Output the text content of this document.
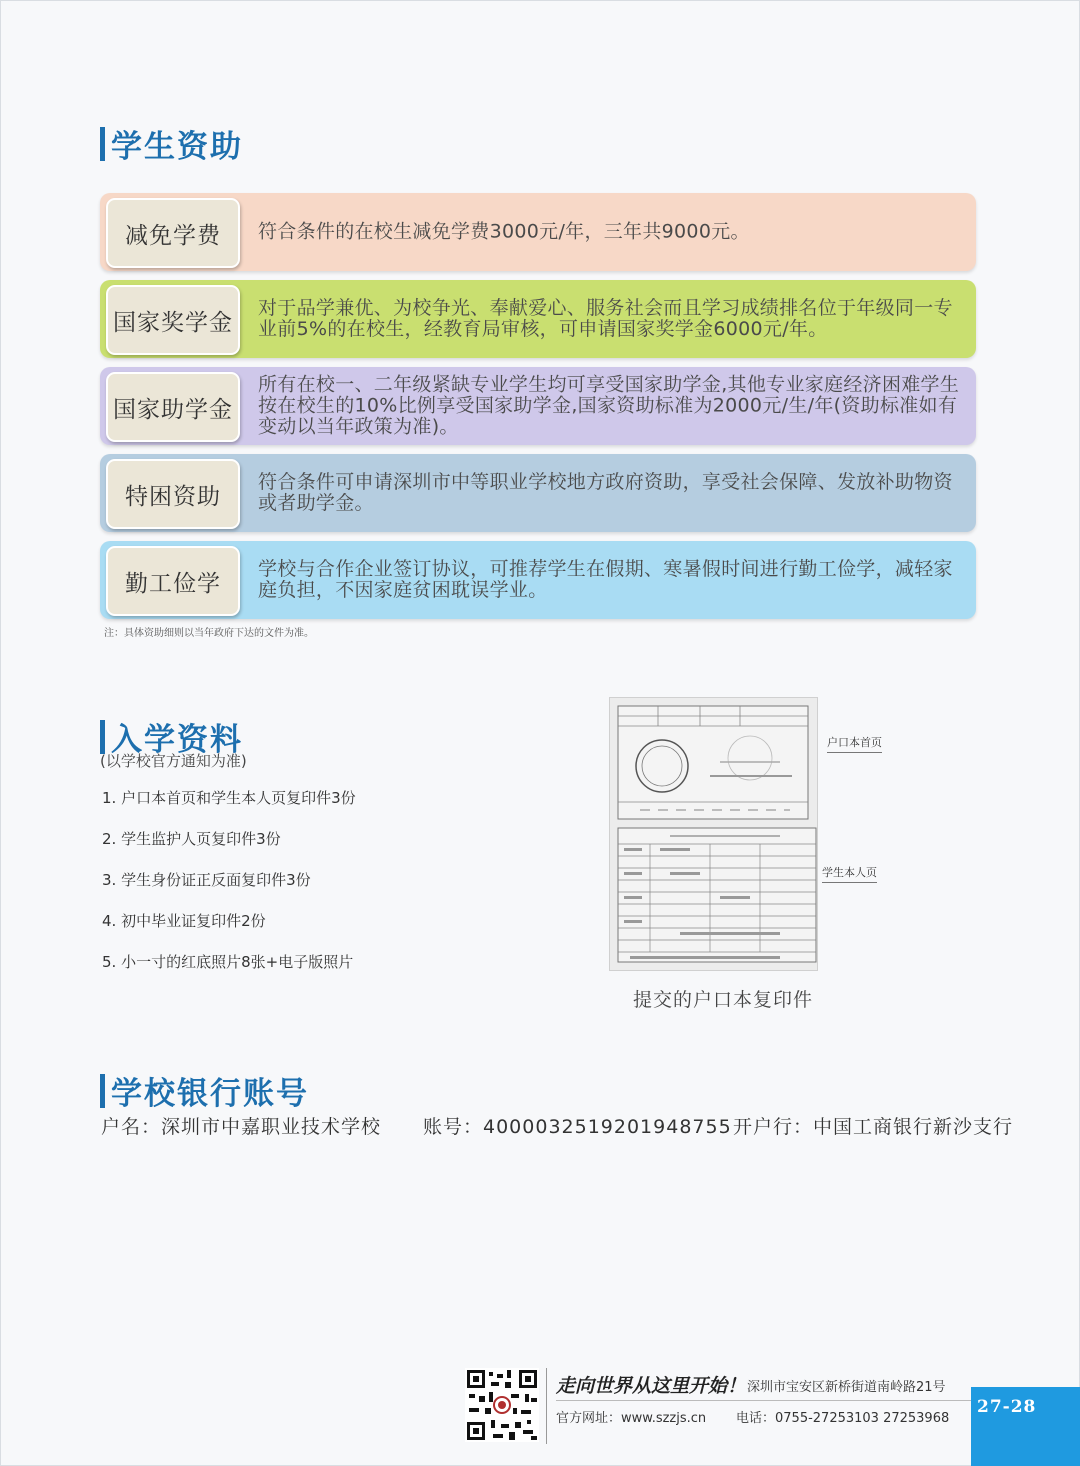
学生资助
减免学费	符合条件的在校生减免学费3000元/年，三年共9000元。
国家奖学金
对于品学兼优、为校争光、奉献爱心、服务社会而且学习成绩排名位于年级同一专业前5%的在校生，经教育局审核，可申请国家奖学金6000元/年。
国家助学金
所有在校一、二年级紧缺专业学生均可享受国家助学金,其他专业家庭经济困难学生按在校生的10%比例享受国家助学金,国家资助标准为2000元/生/年(资助标准如有变动以当年政策为准)。
特困资助
符合条件可申请深圳市中等职业学校地方政府资助，享受社会保障、发放补助物资或者助学金。
勤工俭学
学校与合作企业签订协议，可推荐学生在假期、寒暑假时间进行勤工俭学，减轻家庭负担，不因家庭贫困耽误学业。
注：具体资助细则以当年政府下达的文件为准。
入学资料
(以学校官方通知为准)
1. 户口本首页和学生本人页复印件3份
2. 学生监护人页复印件3份
3. 学生身份证正反面复印件3份
4. 初中毕业证复印件2份
5. 小一寸的红底照片8张+电子版照片
户口本首页
学生本人页
提交的户口本复印件
学校银行账号
户名：深圳市中嘉职业技术学校 账号：4000032519201948755 开户行：中国工商银行新沙支行
走向世界从这里开始！ 深圳市宝安区新桥街道南岭路21号
官方网址：www.szzjs.cn 电话：0755-27253103 27253968
27-28
